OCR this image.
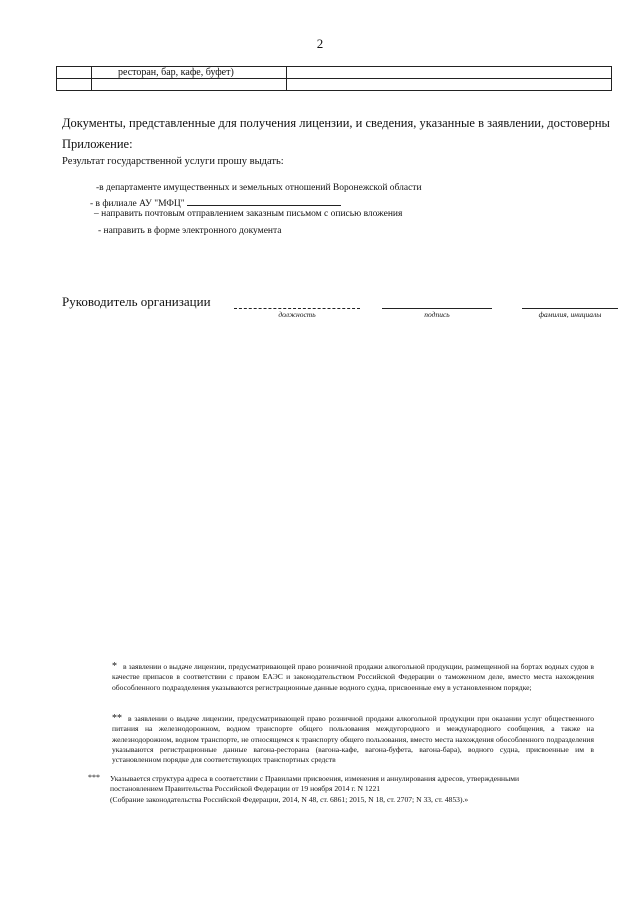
2
	ресторан, бар, кафе, буфет)	

Документы, представленные для получения лицензии, и сведения, указанные в заявлении, достоверны
Приложение:
Результат государственной услуги прошу выдать:
-в департаменте имущественных и земельных отношений Воронежской области
- в филиале АУ "МФЦ"
– направить почтовым отправлением заказным письмом с описью вложения
- направить в форме электронного документа
Руководитель организации
должность	подпись	фамилия, инициалы
* в заявлении о выдаче лицензии, предусматривающей право розничной продажи алкогольной продукции, размещенной на бортах водных судов в качестве припасов в соответствии с правом ЕАЭС и законодательством Российской Федерации о таможенном деле, вместо места нахождения обособленного подразделения указываются регистрационные данные водного судна, присвоенные ему в установленном порядке;
** в заявлении о выдаче лицензии, предусматривающей право розничной продажи алкогольной продукции при оказании услуг общественного питания на железнодорожном, водном транспорте общего пользования междугородного и международного сообщения, а также на железнодорожном, водном транспорте, не относящемся к транспорту общего пользования, вместо места нахождения обособленного подразделения указываются регистрационные данные вагона-ресторана (вагона-кафе, вагона-буфета, вагона-бара), водного судна, присвоенные им в установленном порядке для соответствующих транспортных средств
*** Указывается структура адреса в соответствии с Правилами присвоения, изменения и аннулирования адресов, утвержденными
постановлением Правительства Российской Федерации от 19 ноября 2014 г. N 1221
(Собрание законодательства Российской Федерации, 2014, N 48, ст. 6861; 2015, N 18, ст. 2707; N 33, ст. 4853).»
